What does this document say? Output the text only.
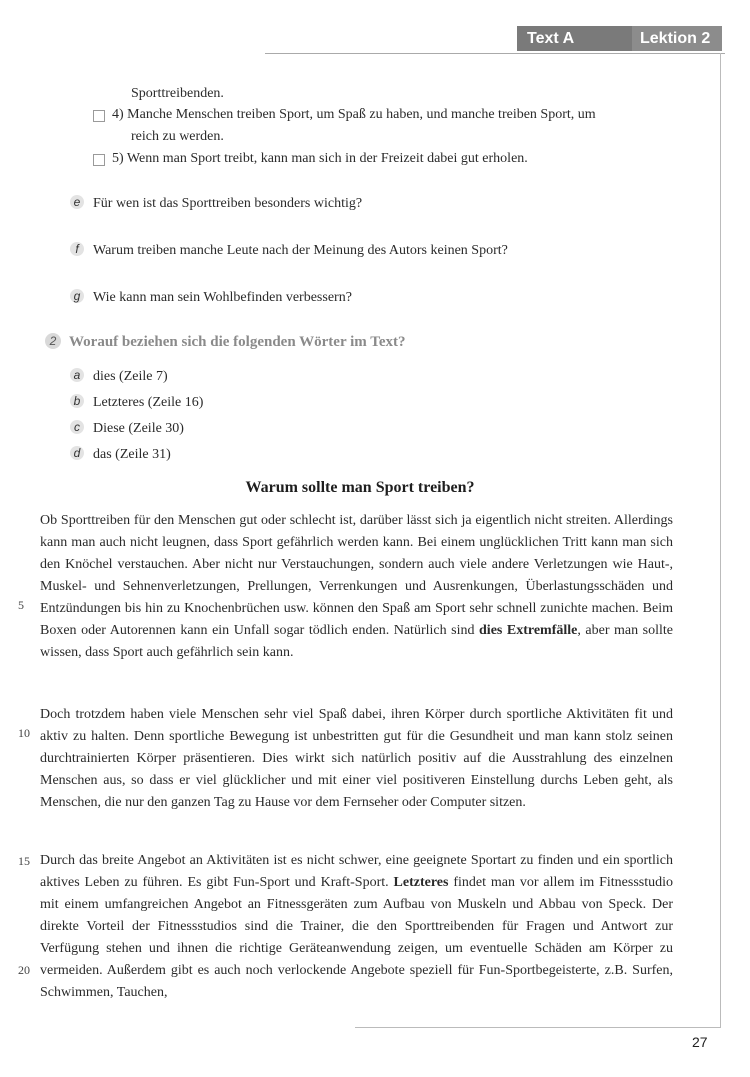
Text A	Lektion 2
Sporttreibenden.
4) Manche Menschen treiben Sport, um Spaß zu haben, und manche treiben Sport, um
reich zu werden.
5) Wenn man Sport treibt, kann man sich in der Freizeit dabei gut erholen.
e Für wen ist das Sporttreiben besonders wichtig?
f	Warum treiben manche Leute nach der Meinung des Autors keinen Sport?
g Wie kann man sein Wohlbefinden verbessern?
2 Worauf beziehen sich die folgenden Wörter im Text?
a dies (Zeile 7)
b Letzteres (Zeile 16)
c Diese (Zeile 30)
d das (Zeile 31)
Warum sollte man Sport treiben?
Ob Sporttreiben für den Menschen gut oder schlecht ist, darüber lässt sich ja eigentlich nicht streiten. Allerdings kann man auch nicht leugnen, dass Sport gefährlich werden kann. Bei einem unglücklichen Tritt kann man sich den Knöchel verstauchen. Aber nicht nur Verstauchungen, sondern auch viele andere Verletzungen wie Haut-, Muskel- und Sehnenverletzungen, Prellungen, Verrenkungen und Ausrenkungen, Überlastungsschäden und Entzündungen bis hin zu Knochenbrüchen usw. können den Spaß am Sport sehr schnell zunichte machen. Beim Boxen oder Autorennen kann ein Unfall sogar tödlich enden. Natürlich sind dies Extremfälle, aber man sollte wissen, dass Sport auch gefährlich sein kann.
Doch trotzdem haben viele Menschen sehr viel Spaß dabei, ihren Körper durch sportliche Aktivitäten fit und aktiv zu halten. Denn sportliche Bewegung ist unbestritten gut für die Gesundheit und man kann stolz seinen durchtrainierten Körper präsentieren. Dies wirkt sich natürlich positiv auf die Ausstrahlung des einzelnen Menschen aus, so dass er viel glücklicher und mit einer viel positiveren Einstellung durchs Leben geht, als Menschen, die nur den ganzen Tag zu Hause vor dem Fernseher oder Computer sitzen.
Durch das breite Angebot an Aktivitäten ist es nicht schwer, eine geeignete Sportart zu finden und ein sportlich aktives Leben zu führen. Es gibt Fun-Sport und Kraft-Sport. Letzteres findet man vor allem im Fitnessstudio mit einem umfangreichen Angebot an Fitnessgeräten zum Aufbau von Muskeln und Abbau von Speck. Der direkte Vorteil der Fitnessstudios sind die Trainer, die den Sporttreibenden für Fragen und Antwort zur Verfügung stehen und ihnen die richtige Geräteanwendung zeigen, um eventuelle Schäden am Körper zu vermeiden. Außerdem gibt es auch noch verlockende Angebote speziell für Fun-Sportbegeisterte, z.B. Surfen, Schwimmen, Tauchen,
5
10
15
20
27
